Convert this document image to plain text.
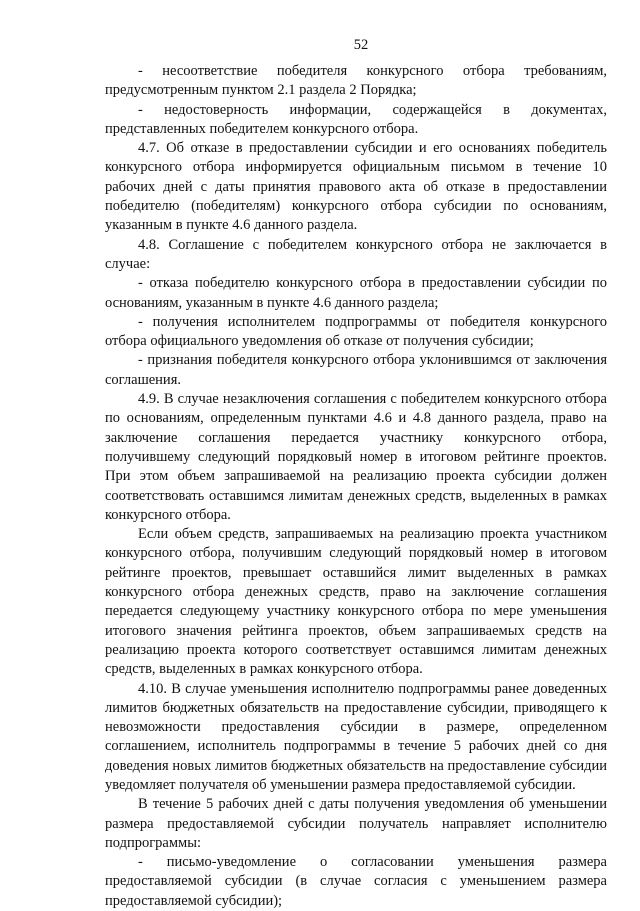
52

- несоответствие победителя конкурсного отбора требованиям, предусмотренным пунктом 2.1 раздела 2 Порядка;

- недостоверность информации, содержащейся в документах, представленных победителем конкурсного отбора.

4.7. Об отказе в предоставлении субсидии и его основаниях победитель конкурсного отбора информируется официальным письмом в течение 10 рабочих дней с даты принятия правового акта об отказе в предоставлении победителю (победителям) конкурсного отбора субсидии по основаниям, указанным в пункте 4.6 данного раздела.

4.8. Соглашение с победителем конкурсного отбора не заключается в случае:

- отказа победителю конкурсного отбора в предоставлении субсидии по основаниям, указанным в пункте 4.6 данного раздела;

- получения исполнителем подпрограммы от победителя конкурсного отбора официального уведомления об отказе от получения субсидии;

- признания победителя конкурсного отбора уклонившимся от заключения соглашения.

4.9. В случае незаключения соглашения с победителем конкурсного отбора по основаниям, определенным пунктами 4.6 и 4.8 данного раздела, право на заключение соглашения передается участнику конкурсного отбора, получившему следующий порядковый номер в итоговом рейтинге проектов. При этом объем запрашиваемой на реализацию проекта субсидии должен соответствовать оставшимся лимитам денежных средств, выделенных в рамках конкурсного отбора.

Если объем средств, запрашиваемых на реализацию проекта участником конкурсного отбора, получившим следующий порядковый номер в итоговом рейтинге проектов, превышает оставшийся лимит выделенных в рамках конкурсного отбора денежных средств, право на заключение соглашения передается следующему участнику конкурсного отбора по мере уменьшения итогового значения рейтинга проектов, объем запрашиваемых средств на реализацию проекта которого соответствует оставшимся лимитам денежных средств, выделенных в рамках конкурсного отбора.

4.10. В случае уменьшения исполнителю подпрограммы ранее доведенных лимитов бюджетных обязательств на предоставление субсидии, приводящего к невозможности предоставления субсидии в размере, определенном соглашением, исполнитель подпрограммы в течение 5 рабочих дней со дня доведения новых лимитов бюджетных обязательств на предоставление субсидии уведомляет получателя об уменьшении размера предоставляемой субсидии.

В течение 5 рабочих дней с даты получения уведомления об уменьшении размера предоставляемой субсидии получатель направляет исполнителю подпрограммы:

- письмо-уведомление о согласовании уменьшения размера предоставляемой субсидии (в случае согласия с уменьшением размера предоставляемой субсидии);
